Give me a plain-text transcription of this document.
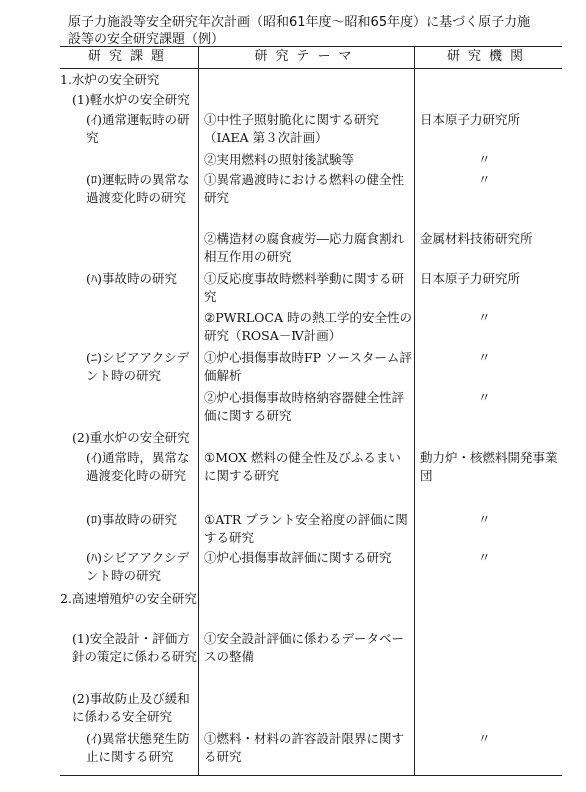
原子力施設等安全研究年次計画（昭和61年度～昭和65年度）に基づく原子力施
設等の安全研究課題（例）
研究課題	研究テーマ	研究機関
1.水炉の安全研究
(1)軽水炉の安全研究
(ｲ)通常運転時の研究
(ﾛ)運転時の異常な過渡変化時の研究
(ﾊ)事故時の研究
(ﾆ)シビアアクシデント時の研究
(2)重水炉の安全研究
(ｲ)通常時，異常な過渡変化時の研究
(ﾛ)事故時の研究
(ﾊ)シビアアクシデント時の研究
2.高速増殖炉の安全研究
(1)安全設計・評価方針の策定に係わる研究
(2)事故防止及び緩和に係わる安全研究
(ｲ)異常状態発生防止に関する研究
①中性子照射脆化に関する研究（IAEA 第３次計画）
②実用燃料の照射後試験等
①異常過渡時における燃料の健全性研究
②構造材の腐食疲労―応力腐食割れ相互作用の研究
①反応度事故時燃料挙動に関する研究
②PWRLOCA 時の熱工学的安全性の研究（ROSA－Ⅳ計画）
①炉心損傷事故時FP ソースターム評価解析
②炉心損傷事故時格納容器健全性評価に関する研究
①MOX 燃料の健全性及びふるまいに関する研究
①ATR プラント安全裕度の評価に関する研究
①炉心損傷事故評価に関する研究
①安全設計評価に係わるデータベースの整備
①燃料・材料の許容設計限界に関する研究
日本原子力研究所
〃
〃
金属材料技術研究所
日本原子力研究所
〃
〃
〃
動力炉・核燃料開発事業団
〃
〃
〃
